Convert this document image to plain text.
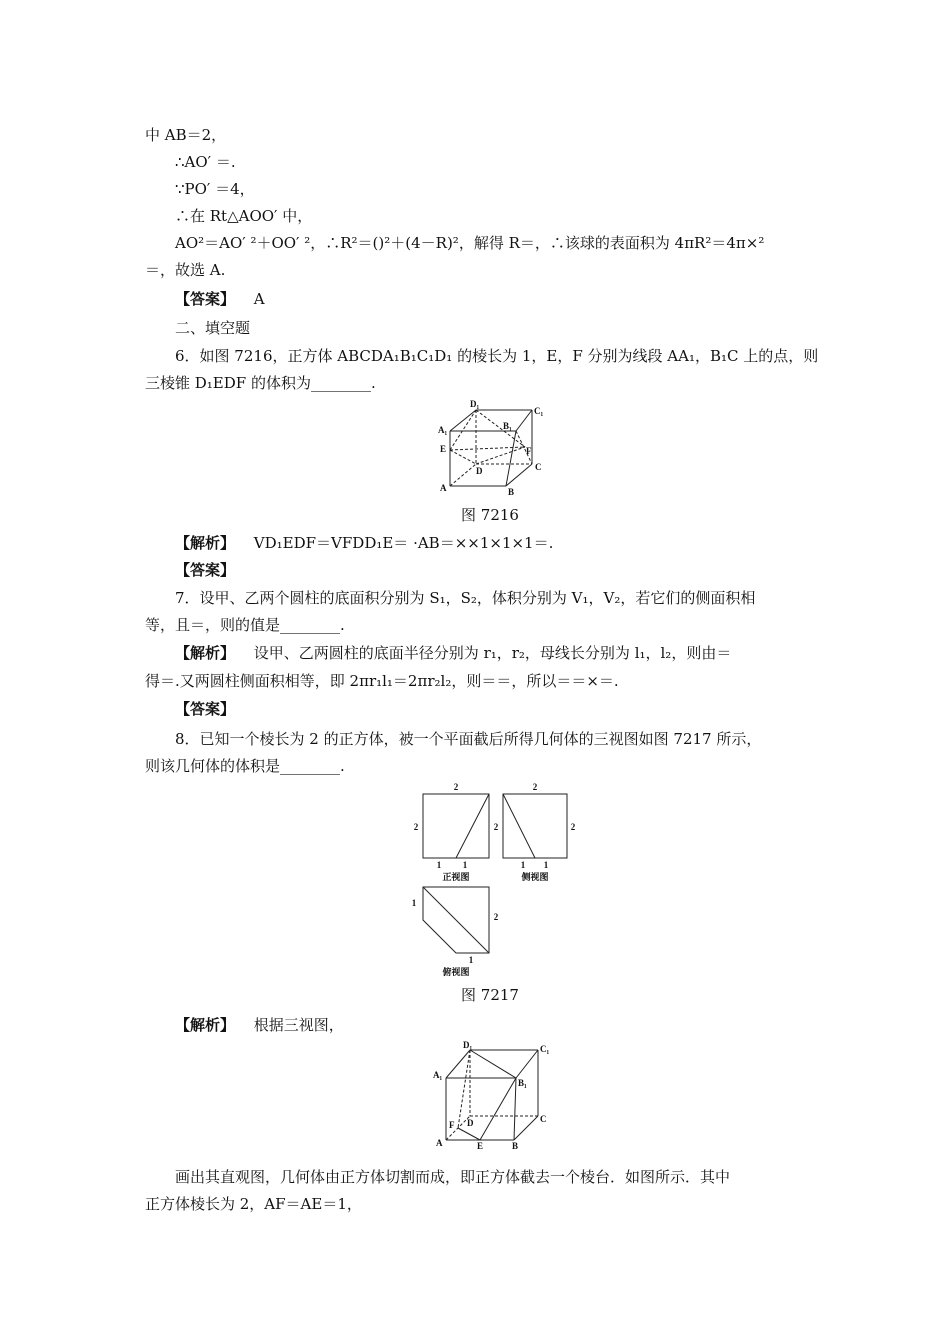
中 AB＝2，
∴AO′ ＝.
∵PO′ ＝4，
∴在 Rt△AOO′ 中，
AO²＝AO′ ²＋OO′ ²，∴R²＝()²＋(4－R)²，解得 R＝，∴该球的表面积为 4πR²＝4π×²
＝，故选 A.
【答案】 A
二、填空题
6．如图 7216，正方体 ABCDA₁B₁C₁D₁ 的棱长为 1，E，F 分别为线段 AA₁，B₁C 上的点，则
三棱锥 D₁EDF 的体积为________.
D₁
C₁
A₁	B₁
E	F
D	C
A	B
图 7216
【解析】 VD₁EDF＝VFDD₁E＝ ·AB＝××1×1×1＝.
【答案】
7．设甲、乙两个圆柱的底面积分别为 S₁，S₂，体积分别为 V₁，V₂，若它们的侧面积相
等，且＝，则的值是________.
【解析】 设甲、乙两圆柱的底面半径分别为 r₁，r₂，母线长分别为 l₁，l₂，则由＝
得＝.又两圆柱侧面积相等，即 2πr₁l₁＝2πr₂l₂，则＝＝，所以＝＝×＝.
【答案】
8．已知一个棱长为 2 的正方体，被一个平面截后所得几何体的三视图如图 7217 所示，
则该几何体的体积是________.
2
2	2
1 1
正视图
2
2
1 1
侧视图
1
2
1
俯视图
图 7217
【解析】 根据三视图，
D₁	C₁
A₁
B₁
F D	C
A	E	B
画出其直观图，几何体由正方体切割而成，即正方体截去一个棱台．如图所示．其中
正方体棱长为 2，AF＝AE＝1，
